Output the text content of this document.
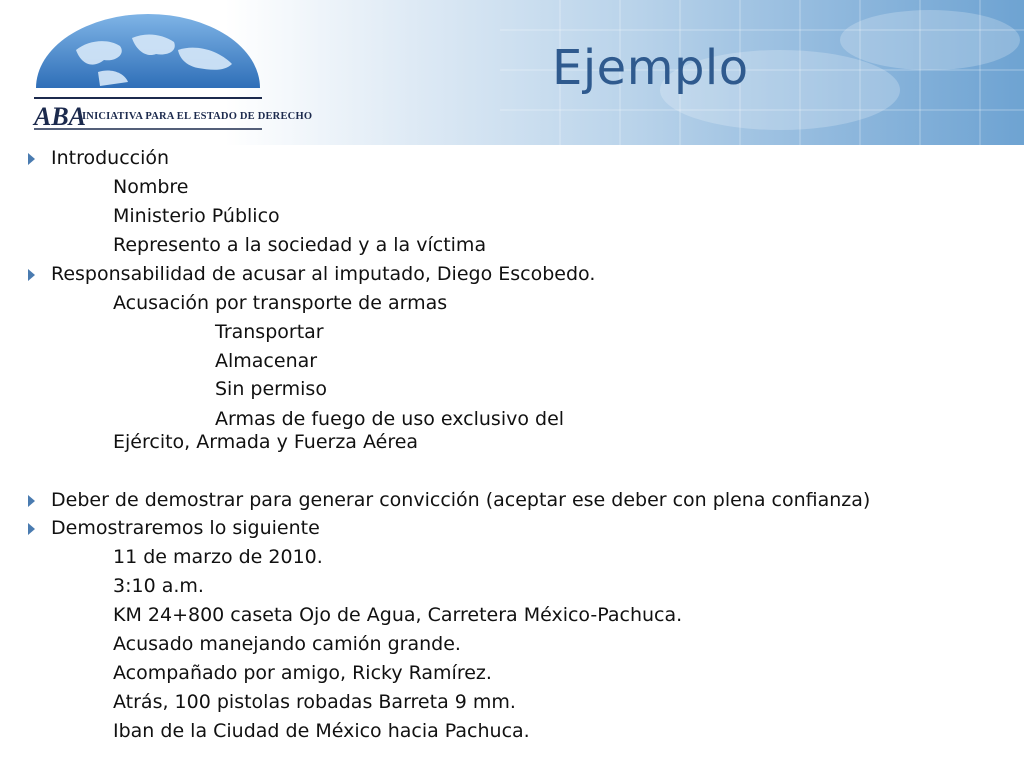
ABA
INICIATIVA PARA EL ESTADO DE DERECHO
Ejemplo
Introducción
Nombre
Ministerio Público
Represento a la sociedad y a la víctima
Responsabilidad de acusar al imputado, Diego Escobedo.
Acusación por transporte de armas
Transportar
Almacenar
Sin permiso
Armas de fuego de uso exclusivo del
Ejército, Armada y Fuerza Aérea
Deber de demostrar para generar convicción (aceptar ese deber con plena confianza)
Demostraremos lo siguiente
11 de marzo de 2010.
3:10 a.m.
KM 24+800 caseta Ojo de Agua, Carretera México-Pachuca.
Acusado manejando camión grande.
Acompañado por amigo, Ricky Ramírez.
Atrás, 100 pistolas robadas Barreta 9 mm.
Iban de la Ciudad de México hacia Pachuca.
